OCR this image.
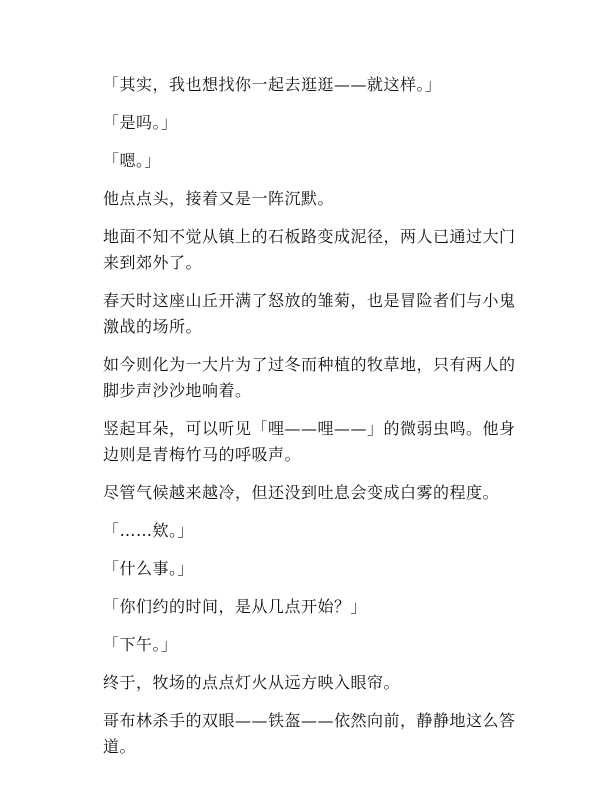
「其实，我也想找你一起去逛逛——就这样。」

「是吗。」

「嗯。」

他点点头，接着又是一阵沉默。

地面不知不觉从镇上的石板路变成泥径，两人已通过大门来到郊外了。

春天时这座山丘开满了怒放的雏菊，也是冒险者们与小鬼激战的场所。

如今则化为一大片为了过冬而种植的牧草地，只有两人的脚步声沙沙地响着。

竖起耳朵，可以听见「哩——哩——」的微弱虫鸣。他身边则是青梅竹马的呼吸声。

尽管气候越来越冷，但还没到吐息会变成白雾的程度。

「……欸。」

「什么事。」

「你们约的时间，是从几点开始？」

「下午。」

终于，牧场的点点灯火从远方映入眼帘。

哥布林杀手的双眼——铁盔——依然向前，静静地这么答道。
